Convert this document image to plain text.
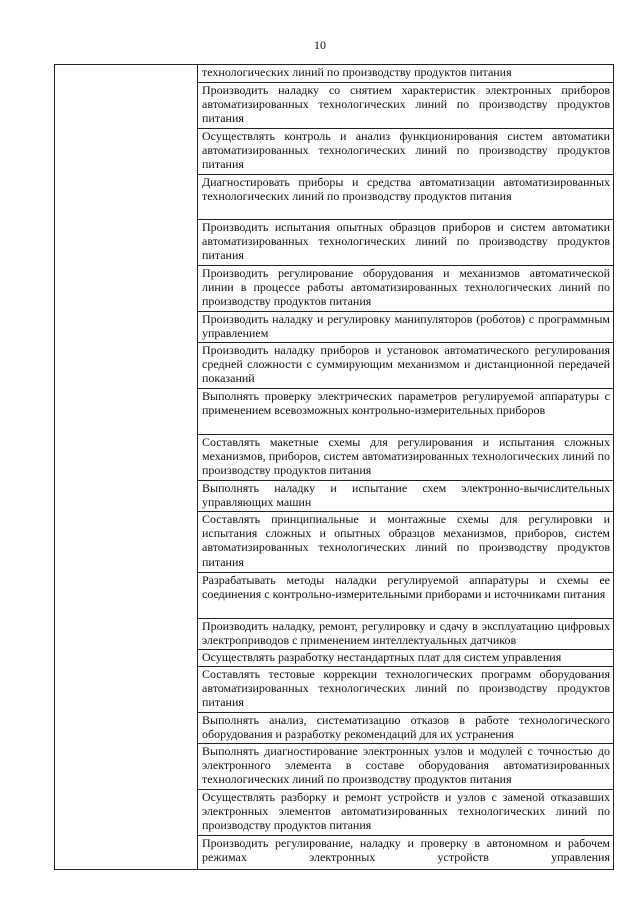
10

технологических линий по производству продуктов питания

Производить наладку со снятием характеристик электронных приборов автоматизированных технологических линий по производству продуктов питания

Осуществлять контроль и анализ функционирования систем автоматики автоматизированных технологических линий по производству продуктов питания

Диагностировать приборы и средства автоматизации автоматизированных технологических линий по производству продуктов питания

Производить испытания опытных образцов приборов и систем автоматики автоматизированных технологических линий по производству продуктов питания

Производить регулирование оборудования и механизмов автоматической линии в процессе работы автоматизированных технологических линий по производству продуктов питания

Производить наладку и регулировку манипуляторов (роботов) с программным управлением

Производить наладку приборов и установок автоматического регулирования средней сложности с суммирующим механизмом и дистанционной передачей показаний

Выполнять проверку электрических параметров регулируемой аппаратуры с применением всевозможных контрольно-измерительных приборов

Составлять макетные схемы для регулирования и испытания сложных механизмов, приборов, систем автоматизированных технологических линий по производству продуктов питания

Выполнять наладку и испытание схем электронно-вычислительных управляющих машин

Составлять принципиальные и монтажные схемы для регулировки и испытания сложных и опытных образцов механизмов, приборов, систем автоматизированных технологических линий по производству продуктов питания

Разрабатывать методы наладки регулируемой аппаратуры и схемы ее соединения с контрольно-измерительными приборами и источниками питания

Производить наладку, ремонт, регулировку и сдачу в эксплуатацию цифровых электроприводов с применением интеллектуальных датчиков

Осуществлять разработку нестандартных плат для систем управления

Составлять тестовые коррекции технологических программ оборудования автоматизированных технологических линий по производству продуктов питания

Выполнять анализ, систематизацию отказов в работе технологического оборудования и разработку рекомендаций для их устранения

Выполнять диагностирование электронных узлов и модулей с точностью до электронного элемента в составе оборудования автоматизированных технологических линий по производству продуктов питания

Осуществлять разборку и ремонт устройств и узлов с заменой отказавших электронных элементов автоматизированных технологических линий по производству продуктов питания

Производить регулирование, наладку и проверку в автономном и рабочем режимах электронных устройств управления
